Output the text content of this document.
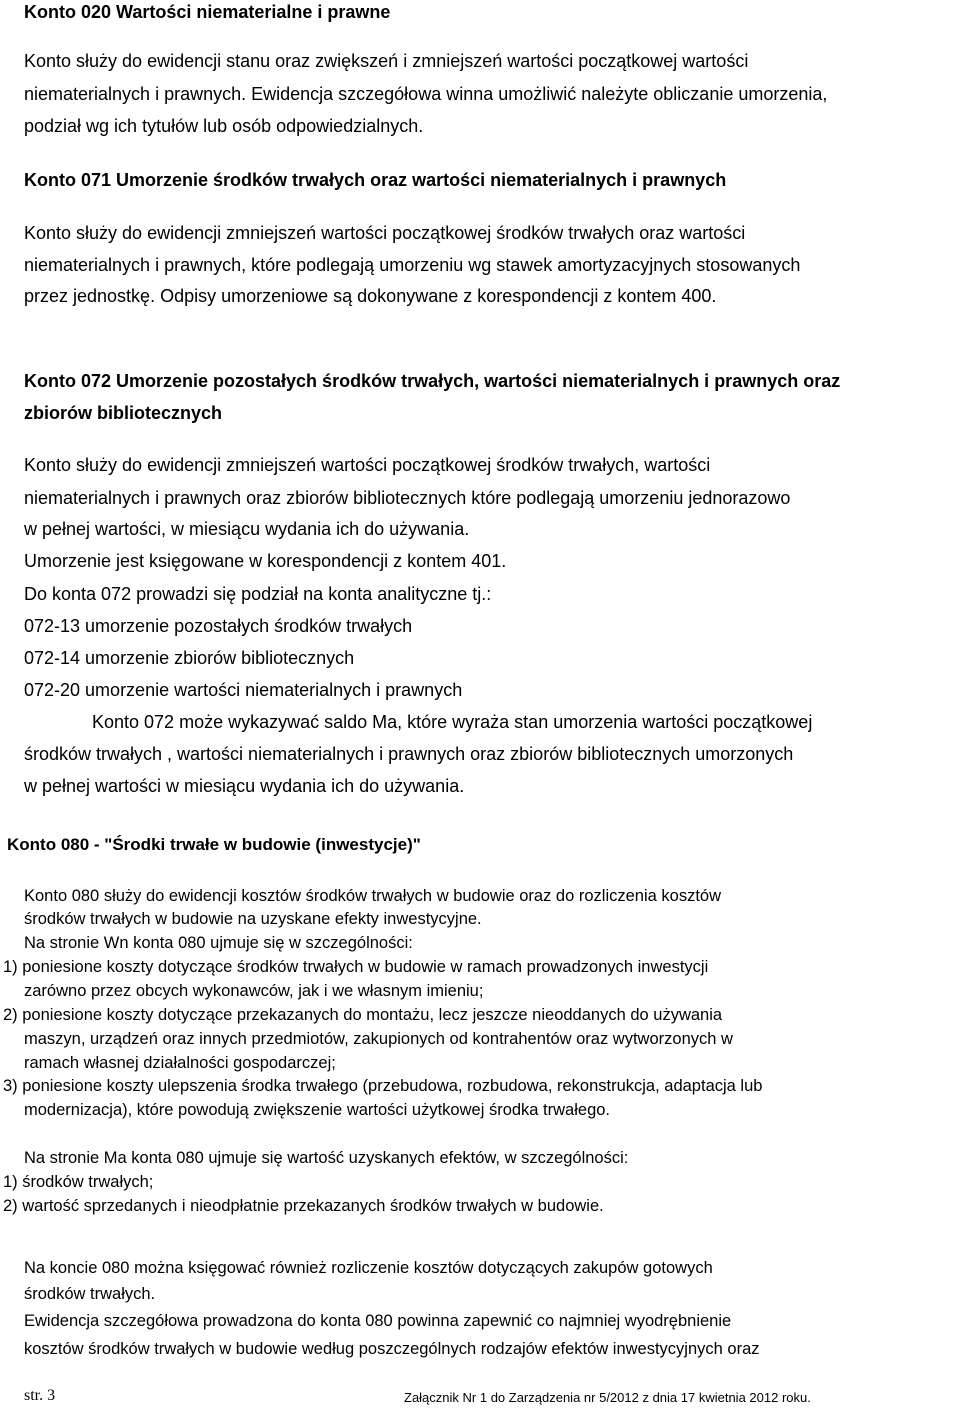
Konto 020 Wartości niematerialne i prawne
Konto służy do ewidencji stanu oraz zwiększeń i zmniejszeń wartości początkowej wartości
niematerialnych i prawnych. Ewidencja szczegółowa winna umożliwić należyte obliczanie umorzenia,
podział wg ich tytułów lub osób odpowiedzialnych.
Konto 071 Umorzenie środków trwałych oraz wartości niematerialnych i prawnych
Konto służy do ewidencji zmniejszeń wartości początkowej środków trwałych oraz wartości
niematerialnych i prawnych, które podlegają umorzeniu wg stawek amortyzacyjnych stosowanych
przez jednostkę. Odpisy umorzeniowe są dokonywane z korespondencji z kontem 400.
Konto 072 Umorzenie pozostałych środków trwałych, wartości niematerialnych i prawnych oraz
zbiorów bibliotecznych
Konto służy do ewidencji zmniejszeń wartości początkowej środków trwałych, wartości
niematerialnych i prawnych oraz zbiorów bibliotecznych które podlegają umorzeniu jednorazowo
w pełnej wartości, w miesiącu wydania ich do używania.
Umorzenie jest księgowane w korespondencji z kontem 401.
Do konta 072 prowadzi się podział na konta analityczne tj.:
072-13 umorzenie pozostałych środków trwałych
072-14 umorzenie zbiorów bibliotecznych
072-20 umorzenie wartości niematerialnych i prawnych
Konto 072 może wykazywać saldo Ma, które wyraża stan umorzenia wartości początkowej
środków trwałych , wartości niematerialnych i prawnych oraz zbiorów bibliotecznych umorzonych
w pełnej wartości w miesiącu wydania ich do używania.
Konto 080 - "Środki trwałe w budowie (inwestycje)"
Konto 080 służy do ewidencji kosztów środków trwałych w budowie oraz do rozliczenia kosztów
środków trwałych w budowie na uzyskane efekty inwestycyjne.
Na stronie Wn konta 080 ujmuje się w szczególności:
1) poniesione koszty dotyczące środków trwałych w budowie w ramach prowadzonych inwestycji
zarówno przez obcych wykonawców, jak i we własnym imieniu;
2) poniesione koszty dotyczące przekazanych do montażu, lecz jeszcze nieoddanych do używania
maszyn, urządzeń oraz innych przedmiotów, zakupionych od kontrahentów oraz wytworzonych w
ramach własnej działalności gospodarczej;
3) poniesione koszty ulepszenia środka trwałego (przebudowa, rozbudowa, rekonstrukcja, adaptacja lub
modernizacja), które powodują zwiększenie wartości użytkowej środka trwałego.
Na stronie Ma konta 080 ujmuje się wartość uzyskanych efektów, w szczególności:
1) środków trwałych;
2) wartość sprzedanych i nieodpłatnie przekazanych środków trwałych w budowie.
Na koncie 080 można księgować również rozliczenie kosztów dotyczących zakupów gotowych
środków trwałych.
Ewidencja szczegółowa prowadzona do konta 080 powinna zapewnić co najmniej wyodrębnienie
kosztów środków trwałych w budowie według poszczególnych rodzajów efektów inwestycyjnych oraz
str. 3	Załącznik Nr 1 do Zarządzenia nr 5/2012 z dnia 17 kwietnia 2012 roku.
